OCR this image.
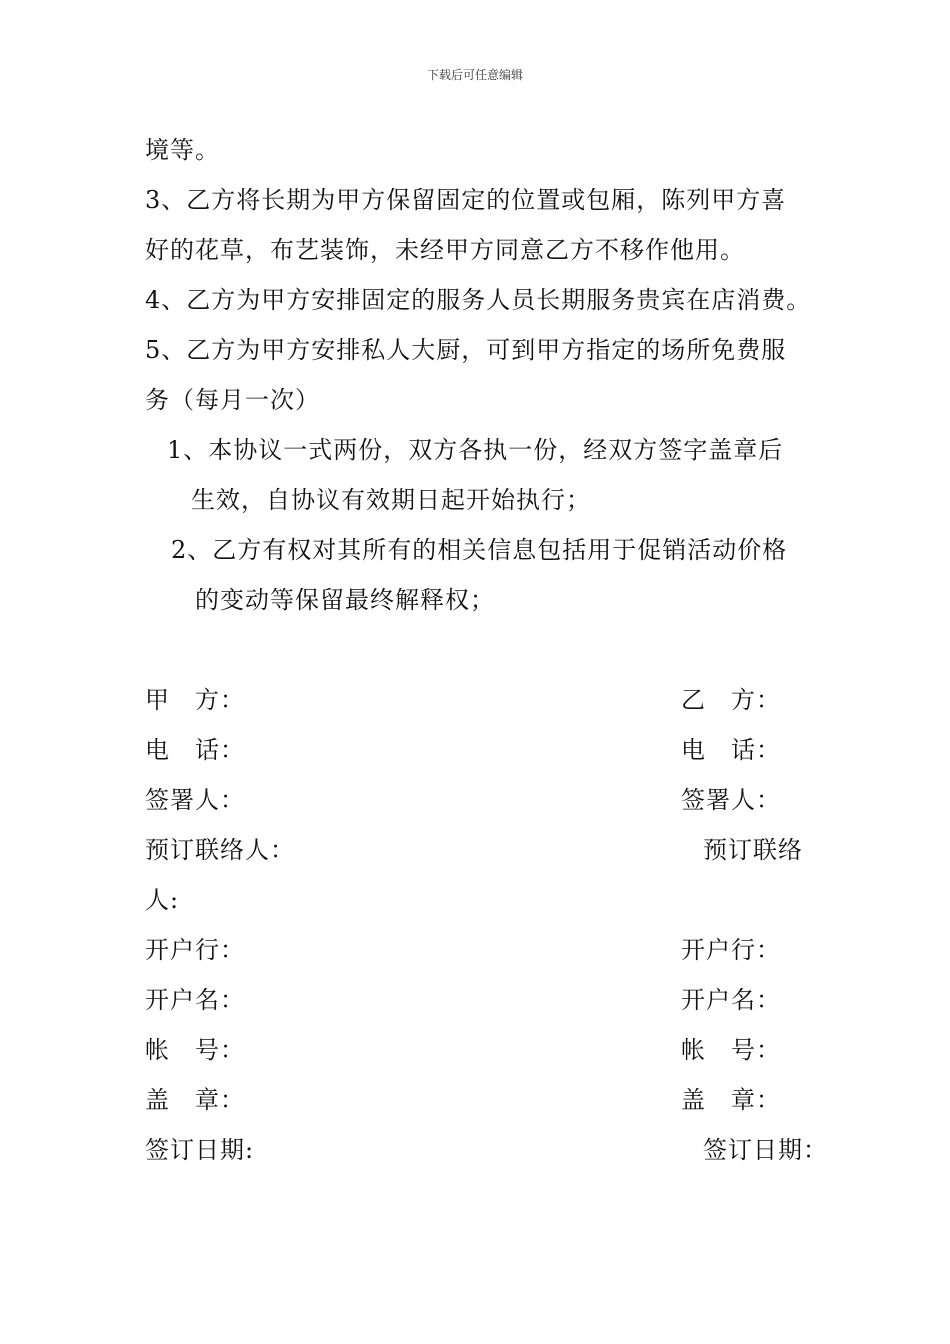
下载后可任意编辑
境等。
3、乙方将长期为甲方保留固定的位置或包厢，陈列甲方喜
好的花草，布艺装饰，未经甲方同意乙方不移作他用。
4、乙方为甲方安排固定的服务人员长期服务贵宾在店消费。
5、乙方为甲方安排私人大厨，可到甲方指定的场所免费服
务（每月一次）
1、本协议一式两份，双方各执一份，经双方签字盖章后
生效，自协议有效期日起开始执行；
2、乙方有权对其所有的相关信息包括用于促销活动价格
的变动等保留最终解释权；
甲　方：
电　话：
签署人：
预订联络人：
开户行：
开户名：
帐　号：
盖　章：
签订日期:
乙　方：
电　话：
签署人：
预订联络
人:
开户行：
开户名：
帐　号：
盖　章：
签订日期：
